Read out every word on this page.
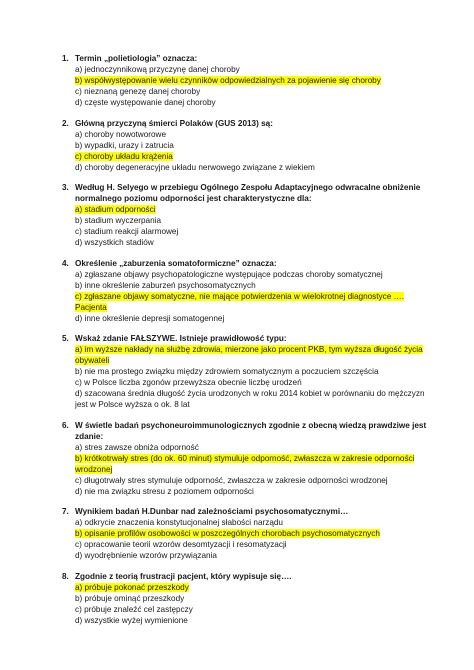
1. Termin „polietiologia” oznacza:
a) jednoczynnikową przyczynę danej choroby
b) współwystępowanie wielu czynników odpowiedzialnych za pojawienie się choroby
c) nieznaną genezę danej choroby
d) częste występowanie danej choroby
2. Główną przyczyną śmierci Polaków (GUS 2013) są:
a) choroby nowotworowe
b) wypadki, urazy i zatrucia
c) choroby układu krążenia
d) choroby degeneracyjne układu nerwowego związane z wiekiem
3. Według H. Selyego w przebiegu Ogólnego Zespołu Adaptacyjnego odwracalne obniżenie normalnego poziomu odporności jest charakterystyczne dla:
a) stadium odporności
b) stadium wyczerpania
c) stadium reakcji alarmowej
d) wszystkich stadiów
4. Określenie „zaburzenia somatoformiczne” oznacza:
a) zgłaszane objawy psychopatologiczne występujące podczas choroby somatycznej
b) inne określenie zaburzeń psychosomatycznych
c) zgłaszane objawy somatyczne, nie mające potwierdzenia w wielokrotnej diagnostyce …. Pacjenta
d) inne określenie depresji somatogennej
5. Wskaż zdanie FAŁSZYWE. Istnieje prawidłowość typu:
a) im wyższe nakłady na służbę zdrowia, mierzone jako procent PKB, tym wyższa długość życia obywateli
b) nie ma prostego związku między zdrowiem somatycznym a poczuciem szczęścia
c) w Polsce liczba zgonów przewyższa obecnie liczbę urodzeń
d) szacowana średnia długość życia urodzonych w roku 2014 kobiet w porównaniu do mężczyzn jest w Polsce wyższa o ok. 8 lat
6. W świetle badań psychoneuroimmunologicznych zgodnie z obecną wiedzą prawdziwe jest zdanie:
a) stres zawsze obniża odporność
b) krótkotrwały stres (do ok. 60 minut) stymuluje odporność, zwłaszcza w zakresie odporności wrodzonej
c) długotrwały stres stymuluje odporność, zwłaszcza w zakresie odporności wrodzonej
d) nie ma związku stresu z poziomem odporności
7. Wynikiem badań H.Dunbar nad zależnościami psychosomatycznymi…
a) odkrycie znaczenia konstytucjonalnej słabości narządu
b) opisanie profilów osobowości w poszczególnych chorobach psychosomatycznych
c) opracowanie teorii wzorów desomtyzacji i resomatyzacji
d) wyodrębnienie wzorów przywiązania
8. Zgodnie z teorią frustracji pacjent, który wypisuje się….
a) próbuje pokonać przeszkody
b) próbuje ominąć przeszkody
c) próbuje znaleźć cel zastępczy
d) wszystkie wyżej wymienione
